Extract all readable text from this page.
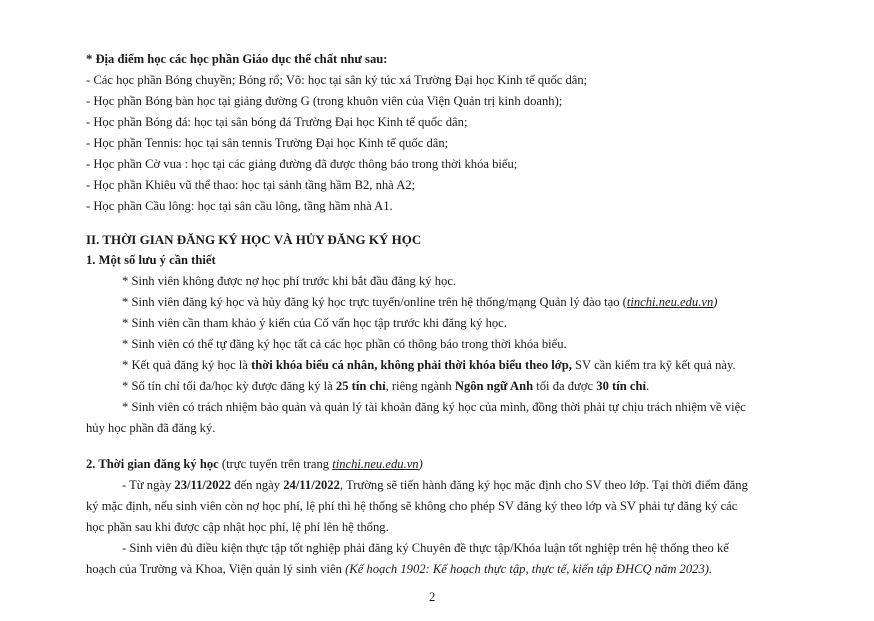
* Địa điểm học các học phần Giáo dục thể chất như sau:
- Các học phần Bóng chuyền; Bóng rổ; Võ: học tại sân ký túc xá Trường Đại học Kinh tế quốc dân;
- Học phần Bóng bàn học tại giảng đường G (trong khuôn viên của Viện Quản trị kinh doanh);
- Học phần Bóng đá: học tại sân bóng đá Trường Đại học Kinh tế quốc dân;
- Học phần Tennis: học tại sân tennis Trường Đại học Kinh tế quốc dân;
- Học phần Cờ vua : học tại các giảng đường đã được thông báo trong thời khóa biểu;
- Học phần Khiêu vũ thể thao: học tại sảnh tầng hầm B2, nhà A2;
- Học phần Cầu lông: học tại sân cầu lông, tầng hầm nhà A1.
II. THỜI GIAN ĐĂNG KÝ HỌC VÀ HỦY ĐĂNG KÝ HỌC
1. Một số lưu ý cần thiết
* Sinh viên không được nợ học phí trước khi bắt đầu đăng ký học.
* Sinh viên đăng ký học và hủy đăng ký học trực tuyến/online trên hệ thống/mạng Quản lý đào tạo (tinchi.neu.edu.vn)
* Sinh viên cần tham khảo ý kiến của Cố vấn học tập trước khi đăng ký học.
* Sinh viên có thể tự đăng ký học tất cả các học phần có thông báo trong thời khóa biểu.
* Kết quả đăng ký học là thời khóa biểu cá nhân, không phải thời khóa biểu theo lớp, SV cần kiểm tra kỹ kết quả này.
* Số tín chỉ tối đa/học kỳ được đăng ký là 25 tín chỉ, riêng ngành Ngôn ngữ Anh tối đa được 30 tín chỉ.
* Sinh viên có trách nhiệm bảo quản và quản lý tài khoản đăng ký học của mình, đồng thời phải tự chịu trách nhiệm về việc
hủy học phần đã đăng ký.
2. Thời gian đăng ký học (trực tuyến trên trang tinchi.neu.edu.vn)
- Từ ngày 23/11/2022 đến ngày 24/11/2022, Trường sẽ tiến hành đăng ký học mặc định cho SV theo lớp. Tại thời điểm đăng
ký mặc định, nếu sinh viên còn nợ học phí, lệ phí thì hệ thống sẽ không cho phép SV đăng ký theo lớp và SV phải tự đăng ký các
học phần sau khi được cập nhật học phí, lệ phí lên hệ thống.
- Sinh viên đủ điều kiện thực tập tốt nghiệp phải đăng ký Chuyên đề thực tập/Khóa luận tốt nghiệp trên hệ thống theo kế
hoạch của Trường và Khoa, Viện quản lý sinh viên (Kế hoạch 1902: Kế hoạch thực tập, thực tế, kiến tập ĐHCQ năm 2023).
2
